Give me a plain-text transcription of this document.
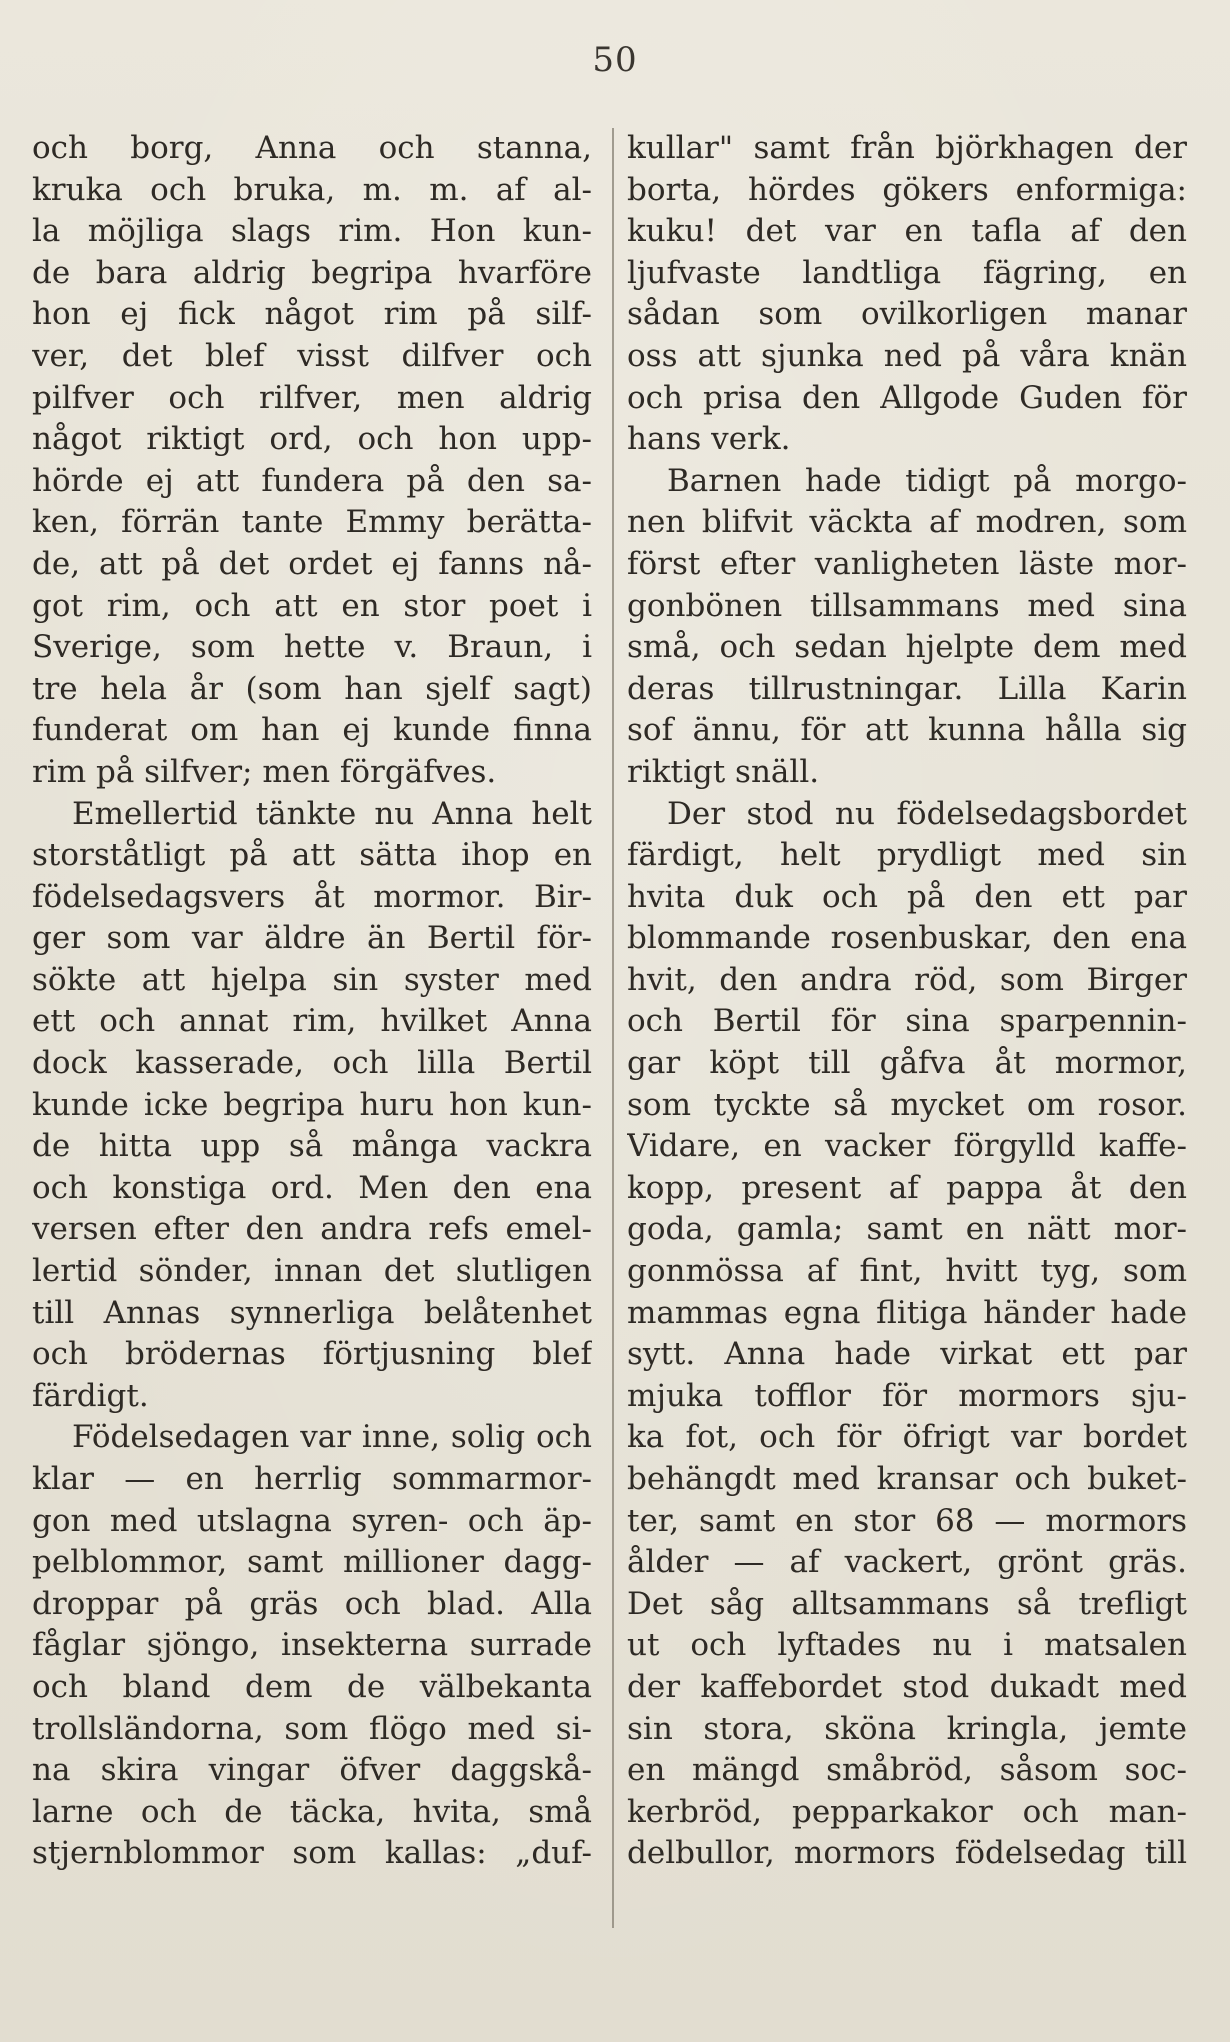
50
och borg, Anna och stanna,
kruka och bruka, m. m. af al-
la möjliga slags rim. Hon kun-
de bara aldrig begripa hvarföre
hon ej fick något rim på silf-
ver, det blef visst dilfver och
pilfver och rilfver, men aldrig
något riktigt ord, och hon upp-
hörde ej att fundera på den sa-
ken, förrän tante Emmy berätta-
de, att på det ordet ej fanns nå-
got rim, och att en stor poet i
Sverige, som hette v. Braun, i
tre hela år (som han sjelf sagt)
funderat om han ej kunde finna
rim på silfver; men förgäfves.
Emellertid tänkte nu Anna helt
storståtligt på att sätta ihop en
födelsedagsvers åt mormor. Bir-
ger som var äldre än Bertil för-
sökte att hjelpa sin syster med
ett och annat rim, hvilket Anna
dock kasserade, och lilla Bertil
kunde icke begripa huru hon kun-
de hitta upp så många vackra
och konstiga ord. Men den ena
versen efter den andra refs emel-
lertid sönder, innan det slutligen
till Annas synnerliga belåtenhet
och brödernas förtjusning blef
färdigt.
Födelsedagen var inne, solig och
klar — en herrlig sommarmor-
gon med utslagna syren- och äp-
pelblommor, samt millioner dagg-
droppar på gräs och blad. Alla
fåglar sjöngo, insekterna surrade
och bland dem de välbekanta
trollsländorna, som flögo med si-
na skira vingar öfver daggskå-
larne och de täcka, hvita, små
stjernblommor som kallas: „duf-
kullar" samt från björkhagen der
borta, hördes gökers enformiga:
kuku! det var en tafla af den
ljufvaste landtliga fägring, en
sådan som ovilkorligen manar
oss att sjunka ned på våra knän
och prisa den Allgode Guden för
hans verk.
Barnen hade tidigt på morgo-
nen blifvit väckta af modren, som
först efter vanligheten läste mor-
gonbönen tillsammans med sina
små, och sedan hjelpte dem med
deras tillrustningar. Lilla Karin
sof ännu, för att kunna hålla sig
riktigt snäll.
Der stod nu födelsedagsbordet
färdigt, helt prydligt med sin
hvita duk och på den ett par
blommande rosenbuskar, den ena
hvit, den andra röd, som Birger
och Bertil för sina sparpennin-
gar köpt till gåfva åt mormor,
som tyckte så mycket om rosor.
Vidare, en vacker förgylld kaffe-
kopp, present af pappa åt den
goda, gamla; samt en nätt mor-
gonmössa af fint, hvitt tyg, som
mammas egna flitiga händer hade
sytt. Anna hade virkat ett par
mjuka tofflor för mormors sju-
ka fot, och för öfrigt var bordet
behängdt med kransar och buket-
ter, samt en stor 68 — mormors
ålder — af vackert, grönt gräs.
Det såg alltsammans så trefligt
ut och lyftades nu i matsalen
der kaffebordet stod dukadt med
sin stora, sköna kringla, jemte
en mängd småbröd, såsom soc-
kerbröd, pepparkakor och man-
delbullor, mormors födelsedag till
